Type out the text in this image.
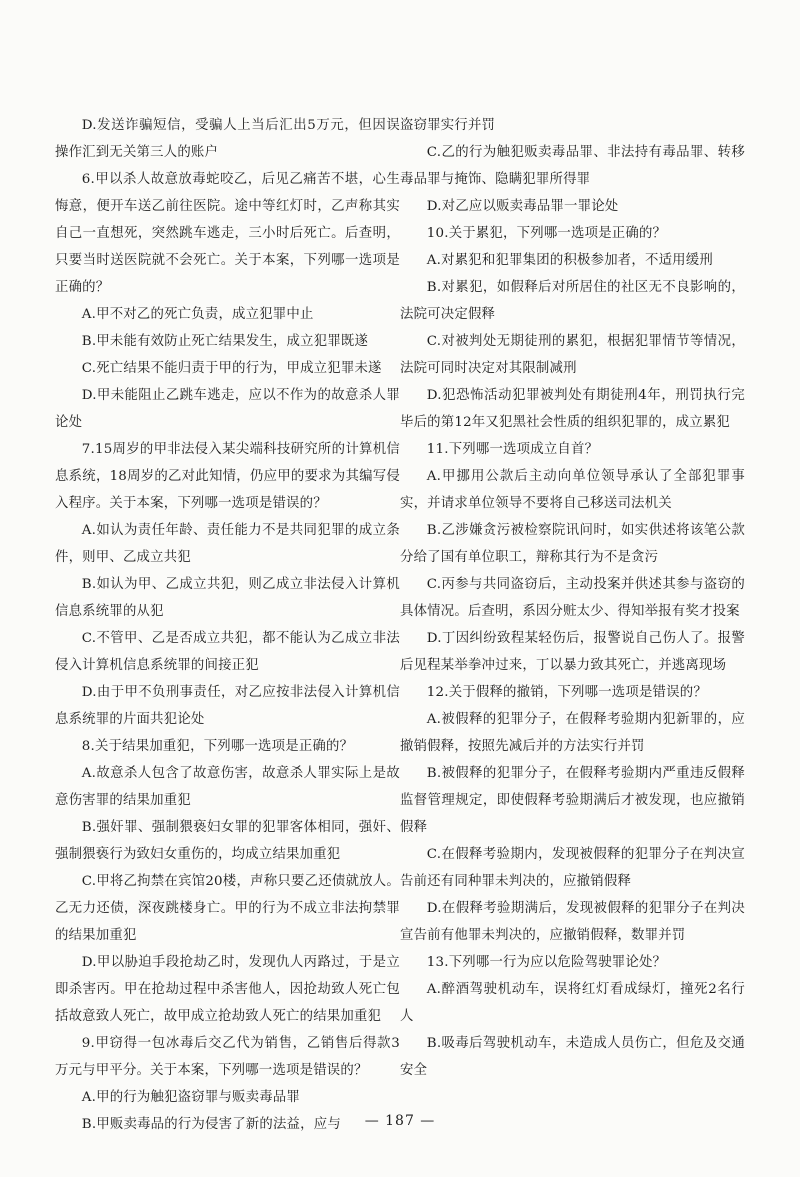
D.发送诈骗短信，受骗人上当后汇出5万元，但因误操作汇到无关第三人的账户

6.甲以杀人故意放毒蛇咬乙，后见乙痛苦不堪，心生悔意，便开车送乙前往医院。途中等红灯时，乙声称其实自己一直想死，突然跳车逃走，三小时后死亡。后查明，只要当时送医院就不会死亡。关于本案，下列哪一选项是正确的？

A.甲不对乙的死亡负责，成立犯罪中止

B.甲未能有效防止死亡结果发生，成立犯罪既遂

C.死亡结果不能归责于甲的行为，甲成立犯罪未遂

D.甲未能阻止乙跳车逃走，应以不作为的故意杀人罪论处

7.15周岁的甲非法侵入某尖端科技研究所的计算机信息系统，18周岁的乙对此知情，仍应甲的要求为其编写侵入程序。关于本案，下列哪一选项是错误的？

A.如认为责任年龄、责任能力不是共同犯罪的成立条件，则甲、乙成立共犯

B.如认为甲、乙成立共犯，则乙成立非法侵入计算机信息系统罪的从犯

C.不管甲、乙是否成立共犯，都不能认为乙成立非法侵入计算机信息系统罪的间接正犯

D.由于甲不负刑事责任，对乙应按非法侵入计算机信息系统罪的片面共犯论处

8.关于结果加重犯，下列哪一选项是正确的？

A.故意杀人包含了故意伤害，故意杀人罪实际上是故意伤害罪的结果加重犯

B.强奸罪、强制猥亵妇女罪的犯罪客体相同，强奸、强制猥亵行为致妇女重伤的，均成立结果加重犯

C.甲将乙拘禁在宾馆20楼，声称只要乙还债就放人。乙无力还债，深夜跳楼身亡。甲的行为不成立非法拘禁罪的结果加重犯

D.甲以胁迫手段抢劫乙时，发现仇人丙路过，于是立即杀害丙。甲在抢劫过程中杀害他人，因抢劫致人死亡包括故意致人死亡，故甲成立抢劫致人死亡的结果加重犯

9.甲窃得一包冰毒后交乙代为销售，乙销售后得款3万元与甲平分。关于本案，下列哪一选项是错误的？

A.甲的行为触犯盗窃罪与贩卖毒品罪

B.甲贩卖毒品的行为侵害了新的法益，应与

盗窃罪实行并罚

C.乙的行为触犯贩卖毒品罪、非法持有毒品罪、转移毒品罪与掩饰、隐瞒犯罪所得罪

D.对乙应以贩卖毒品罪一罪论处

10.关于累犯，下列哪一选项是正确的？

A.对累犯和犯罪集团的积极参加者，不适用缓刑

B.对累犯，如假释后对所居住的社区无不良影响的，法院可决定假释

C.对被判处无期徒刑的累犯，根据犯罪情节等情况，法院可同时决定对其限制减刑

D.犯恐怖活动犯罪被判处有期徒刑4年，刑罚执行完毕后的第12年又犯黑社会性质的组织犯罪的，成立累犯

11.下列哪一选项成立自首？

A.甲挪用公款后主动向单位领导承认了全部犯罪事实，并请求单位领导不要将自己移送司法机关

B.乙涉嫌贪污被检察院讯问时，如实供述将该笔公款分给了国有单位职工，辩称其行为不是贪污

C.丙参与共同盗窃后，主动投案并供述其参与盗窃的具体情况。后查明，系因分赃太少、得知举报有奖才投案

D.丁因纠纷致程某轻伤后，报警说自己伤人了。报警后见程某举拳冲过来，丁以暴力致其死亡，并逃离现场

12.关于假释的撤销，下列哪一选项是错误的？

A.被假释的犯罪分子，在假释考验期内犯新罪的，应撤销假释，按照先减后并的方法实行并罚

B.被假释的犯罪分子，在假释考验期内严重违反假释监督管理规定，即使假释考验期满后才被发现，也应撤销假释

C.在假释考验期内，发现被假释的犯罪分子在判决宣告前还有同种罪未判决的，应撤销假释

D.在假释考验期满后，发现被假释的犯罪分子在判决宣告前有他罪未判决的，应撤销假释，数罪并罚

13.下列哪一行为应以危险驾驶罪论处？

A.醉酒驾驶机动车，误将红灯看成绿灯，撞死2名行人

B.吸毒后驾驶机动车，未造成人员伤亡，但危及交通安全

— 187 —
